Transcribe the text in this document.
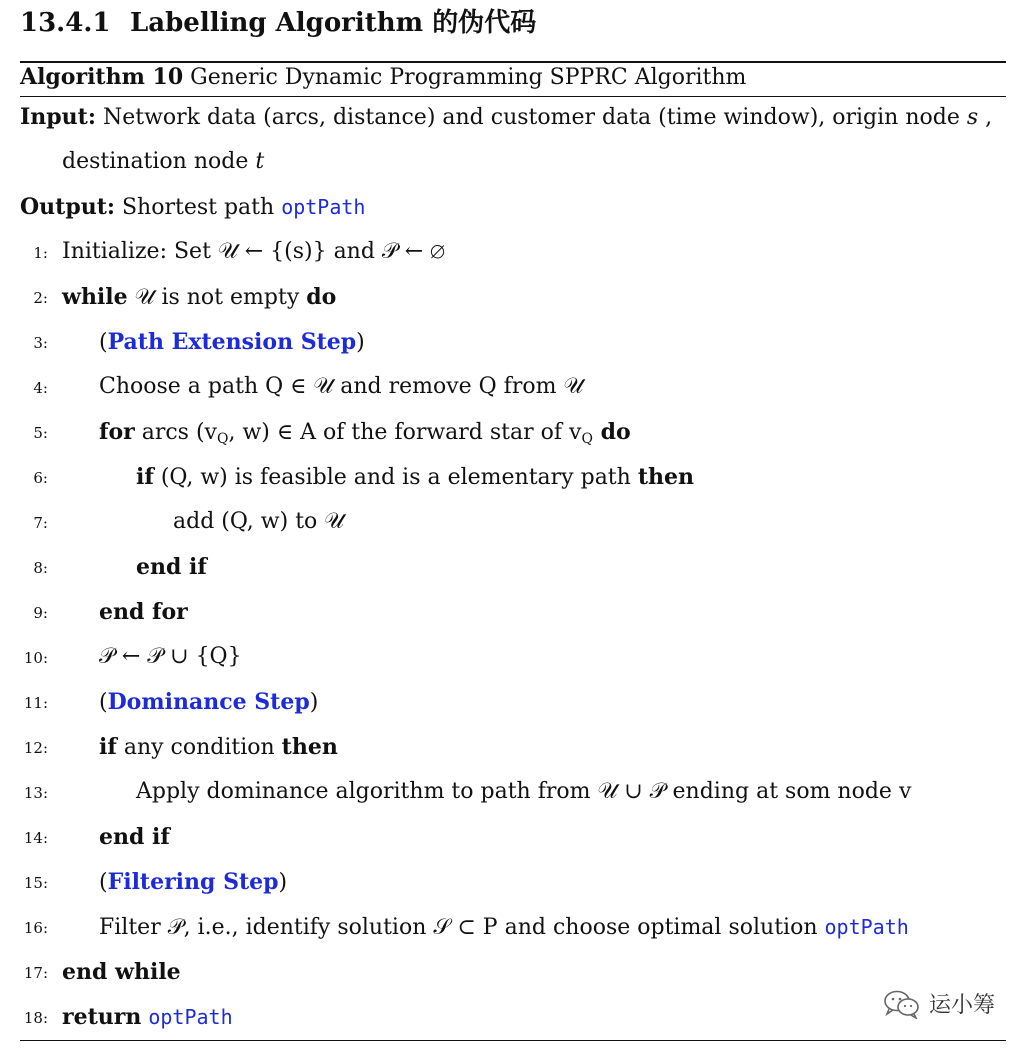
13.4.1 Labelling Algorithm 的伪代码
Algorithm 10 Generic Dynamic Programming SPPRC Algorithm
Input: Network data (arcs, distance) and customer data (time window), origin node s ,
destination node t
Output: Shortest path optPath
1: Initialize: Set 𝒰 ← {(s)} and 𝒫 ← ∅
2: while 𝒰 is not empty do
3: (Path Extension Step)
4: Choose a path Q ∈ 𝒰 and remove Q from 𝒰
5: for arcs ($v_Q$, w) ∈ A of the forward star of $v_Q$ do
6:	if (Q, w) is feasible and is a elementary path then
7:	add (Q, w) to 𝒰
8:	end if
9: end for
10: 𝒫 ← 𝒫 ∪ {Q}
11: (Dominance Step)
12: if any condition then
13:	Apply dominance algorithm to path from 𝒰 ∪ 𝒫 ending at som node v
14: end if
15: (Filtering Step)
16: Filter 𝒫, i.e., identify solution 𝒮 ⊂ P and choose optimal solution optPath
17: end while
18: return optPath	运小筹
